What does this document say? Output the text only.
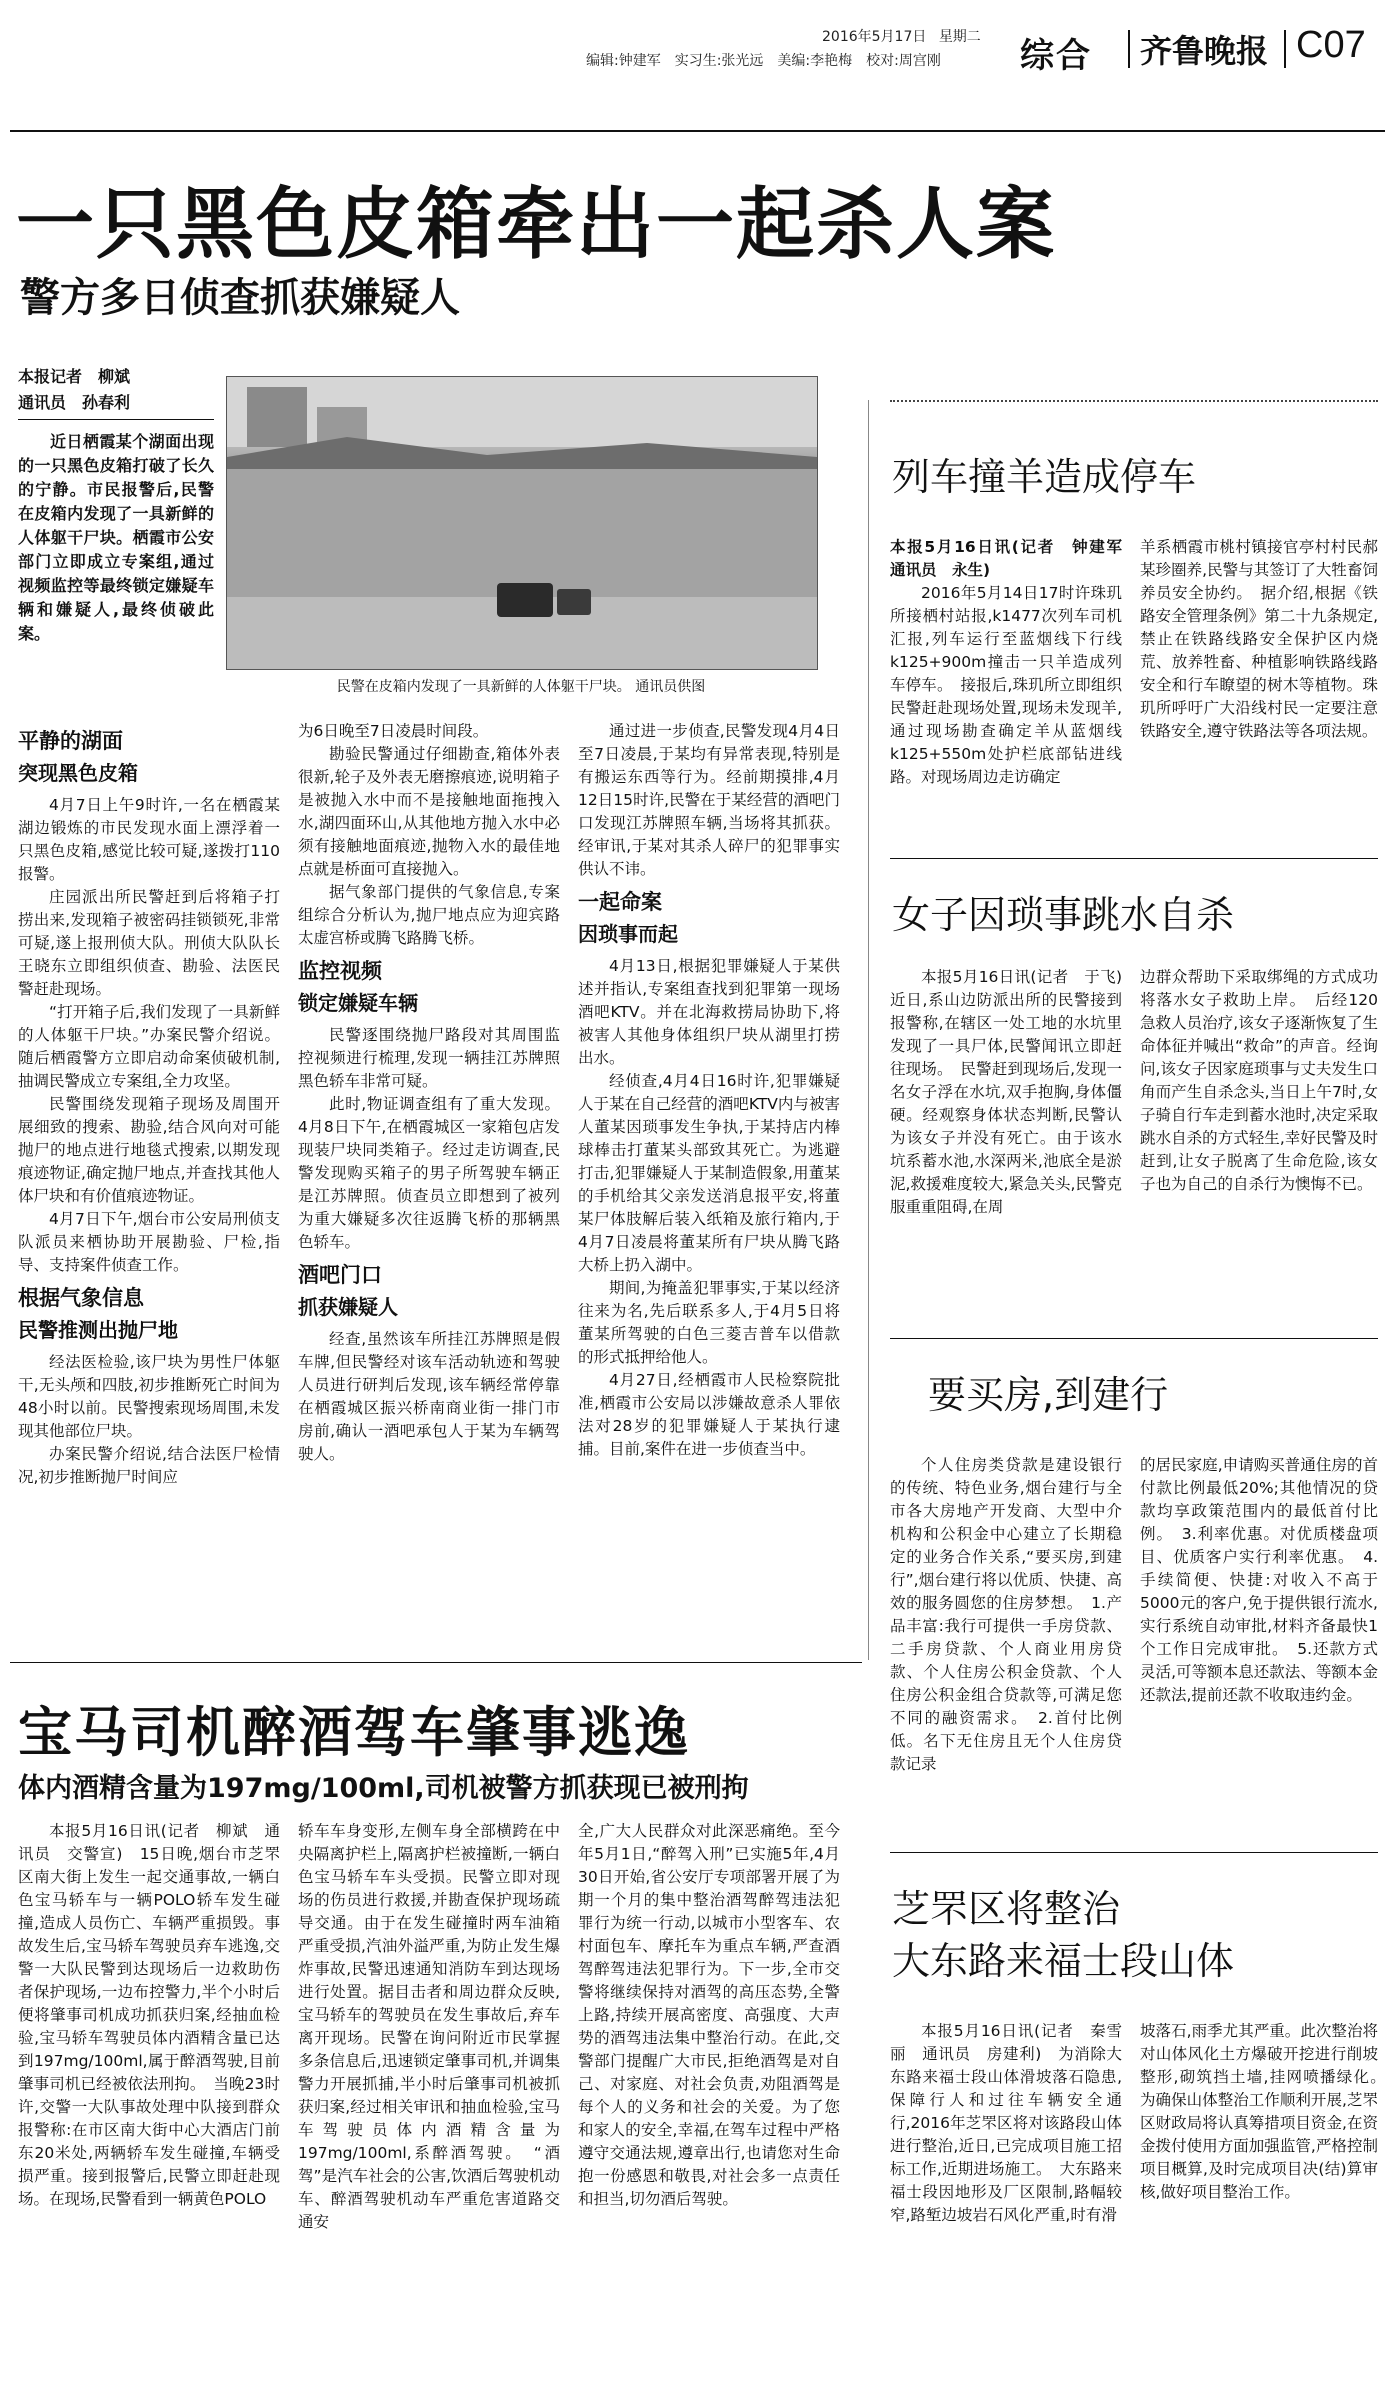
2016年5月17日 星期二
编辑:钟建军　实习生:张光远　美编:李艳梅　校对:周宫刚 综合 齐鲁晚报 C07
一只黑色皮箱牵出一起杀人案
警方多日侦查抓获嫌疑人
本报记者　柳斌
通讯员　孙春利

近日栖霞某个湖面出现的一只黑色皮箱打破了长久的宁静。市民报警后,民警在皮箱内发现了一具新鲜的人体躯干尸块。栖霞市公安部门立即成立专案组,通过视频监控等最终锁定嫌疑车辆和嫌疑人,最终侦破此案。

民警在皮箱内发现了一具新鲜的人体躯干尸块。 通讯员供图
平静的湖面
突现黑色皮箱

4月7日上午9时许,一名在栖霞某湖边锻炼的市民发现水面上漂浮着一只黑色皮箱,感觉比较可疑,遂拨打110报警。

庄园派出所民警赶到后将箱子打捞出来,发现箱子被密码挂锁锁死,非常可疑,遂上报刑侦大队。刑侦大队队长王晓东立即组织侦查、勘验、法医民警赶赴现场。

“打开箱子后,我们发现了一具新鲜的人体躯干尸块。”办案民警介绍说。随后栖霞警方立即启动命案侦破机制,抽调民警成立专案组,全力攻坚。

民警围绕发现箱子现场及周围开展细致的搜索、勘验,结合风向对可能抛尸的地点进行地毯式搜索,以期发现痕迹物证,确定抛尸地点,并查找其他人体尸块和有价值痕迹物证。

4月7日下午,烟台市公安局刑侦支队派员来栖协助开展勘验、尸检,指导、支持案件侦查工作。

根据气象信息
民警推测出抛尸地

经法医检验,该尸块为男性尸体躯干,无头颅和四肢,初步推断死亡时间为48小时以前。民警搜索现场周围,未发现其他部位尸块。

办案民警介绍说,结合法医尸检情况,初步推断抛尸时间应

为6日晚至7日凌晨时间段。

勘验民警通过仔细勘查,箱体外表很新,轮子及外表无磨擦痕迹,说明箱子是被抛入水中而不是接触地面拖拽入水,湖四面环山,从其他地方抛入水中必须有接触地面痕迹,抛物入水的最佳地点就是桥面可直接抛入。

据气象部门提供的气象信息,专案组综合分析认为,抛尸地点应为迎宾路太虚宫桥或腾飞路腾飞桥。

监控视频
锁定嫌疑车辆

民警逐围绕抛尸路段对其周围监控视频进行梳理,发现一辆挂江苏牌照黑色轿车非常可疑。

此时,物证调查组有了重大发现。4月8日下午,在栖霞城区一家箱包店发现装尸块同类箱子。经过走访调查,民警发现购买箱子的男子所驾驶车辆正是江苏牌照。侦查员立即想到了被列为重大嫌疑多次往返腾飞桥的那辆黑色轿车。

酒吧门口
抓获嫌疑人

经查,虽然该车所挂江苏牌照是假车牌,但民警经对该车活动轨迹和驾驶人员进行研判后发现,该车辆经常停靠在栖霞城区振兴桥南商业街一排门市房前,确认一酒吧承包人于某为车辆驾驶人。

通过进一步侦查,民警发现4月4日至7日凌晨,于某均有异常表现,特别是有搬运东西等行为。经前期摸排,4月12日15时许,民警在于某经营的酒吧门口发现江苏牌照车辆,当场将其抓获。经审讯,于某对其杀人碎尸的犯罪事实供认不讳。

一起命案
因琐事而起

4月13日,根据犯罪嫌疑人于某供述并指认,专案组查找到犯罪第一现场酒吧KTV。并在北海救捞局协助下,将被害人其他身体组织尸块从湖里打捞出水。

经侦查,4月4日16时许,犯罪嫌疑人于某在自己经营的酒吧KTV内与被害人董某因琐事发生争执,于某持店内棒球棒击打董某头部致其死亡。为逃避打击,犯罪嫌疑人于某制造假象,用董某的手机给其父亲发送消息报平安,将董某尸体肢解后装入纸箱及旅行箱内,于4月7日凌晨将董某所有尸块从腾飞路大桥上扔入湖中。

期间,为掩盖犯罪事实,于某以经济往来为名,先后联系多人,于4月5日将董某所驾驶的白色三菱吉普车以借款的形式抵押给他人。

4月27日,经栖霞市人民检察院批准,栖霞市公安局以涉嫌故意杀人罪依法对28岁的犯罪嫌疑人于某执行逮捕。目前,案件在进一步侦查当中。

宝马司机醉酒驾车肇事逃逸
体内酒精含量为197mg/100ml,司机被警方抓获现已被刑拘

本报5月16日讯(记者　柳斌　通讯员　交警宣)　15日晚,烟台市芝罘区南大街上发生一起交通事故,一辆白色宝马轿车与一辆POLO轿车发生碰撞,造成人员伤亡、车辆严重损毁。事故发生后,宝马轿车驾驶员弃车逃逸,交警一大队民警到达现场后一边救助伤者保护现场,一边布控警力,半个小时后便将肇事司机成功抓获归案,经抽血检验,宝马轿车驾驶员体内酒精含量已达到197mg/100ml,属于醉酒驾驶,目前肇事司机已经被依法刑拘。　当晚23时许,交警一大队事故处理中队接到群众报警称:在市区南大街中心大酒店门前东20米处,两辆轿车发生碰撞,车辆受损严重。接到报警后,民警立即赶赴现场。在现场,民警看到一辆黄色POLO

轿车车身变形,左侧车身全部横跨在中央隔离护栏上,隔离护栏被撞断,一辆白色宝马轿车车头受损。民警立即对现场的伤员进行救援,并勘查保护现场疏导交通。由于在发生碰撞时两车油箱严重受损,汽油外溢严重,为防止发生爆炸事故,民警迅速通知消防车到达现场进行处置。据目击者和周边群众反映,宝马轿车的驾驶员在发生事故后,弃车离开现场。民警在询问附近市民掌握多条信息后,迅速锁定肇事司机,并调集警力开展抓捕,半小时后肇事司机被抓获归案,经过相关审讯和抽血检验,宝马车驾驶员体内酒精含量为197mg/100ml,系醉酒驾驶。　“酒驾”是汽车社会的公害,饮酒后驾驶机动车、醉酒驾驶机动车严重危害道路交通安

全,广大人民群众对此深恶痛绝。至今年5月1日,“醉驾入刑”已实施5年,4月30日开始,省公安厅专项部署开展了为期一个月的集中整治酒驾醉驾违法犯罪行为统一行动,以城市小型客车、农村面包车、摩托车为重点车辆,严查酒驾醉驾违法犯罪行为。下一步,全市交警将继续保持对酒驾的高压态势,全警上路,持续开展高密度、高强度、大声势的酒驾违法集中整治行动。在此,交警部门提醒广大市民,拒绝酒驾是对自己、对家庭、对社会负责,劝阻酒驾是每个人的义务和社会的关爱。为了您和家人的安全,幸福,在驾车过程中严格遵守交通法规,遵章出行,也请您对生命抱一份感恩和敬畏,对社会多一点责任和担当,切勿酒后驾驶。

列车撞羊造成停车

本报5月16日讯(记者　钟建军　通讯员　永生)

2016年5月14日17时许珠玑所接栖村站报,k1477次列车司机汇报,列车运行至蓝烟线下行线k125+900m撞击一只羊造成列车停车。　接报后,珠玑所立即组织民警赶赴现场处置,现场未发现羊,通过现场勘查确定羊从蓝烟线k125+550m处护栏底部钻进线路。对现场周边走访确定

羊系栖霞市桃村镇接官亭村村民郝某珍圈养,民警与其签订了大牲畜饲养员安全协约。　据介绍,根据《铁路安全管理条例》第二十九条规定,禁止在铁路线路安全保护区内烧荒、放养牲畜、种植影响铁路线路安全和行车瞭望的树木等植物。珠玑所呼吁广大沿线村民一定要注意铁路安全,遵守铁路法等各项法规。

女子因琐事跳水自杀

本报5月16日讯(记者　于飞)　近日,系山边防派出所的民警接到报警称,在辖区一处工地的水坑里发现了一具尸体,民警闻讯立即赶往现场。　民警赶到现场后,发现一名女子浮在水坑,双手抱胸,身体僵硬。经观察身体状态判断,民警认为该女子并没有死亡。由于该水坑系蓄水池,水深两米,池底全是淤泥,救援难度较大,紧急关头,民警克服重重阻碍,在周

边群众帮助下采取绑绳的方式成功将落水女子救助上岸。　后经120急救人员治疗,该女子逐渐恢复了生命体征并喊出“救命”的声音。经询问,该女子因家庭琐事与丈夫发生口角而产生自杀念头,当日上午7时,女子骑自行车走到蓄水池时,决定采取跳水自杀的方式轻生,幸好民警及时赶到,让女子脱离了生命危险,该女子也为自己的自杀行为懊悔不已。

要买房,到建行

个人住房类贷款是建设银行的传统、特色业务,烟台建行与全市各大房地产开发商、大型中介机构和公积金中心建立了长期稳定的业务合作关系,“要买房,到建行”,烟台建行将以优质、快捷、高效的服务圆您的住房梦想。　1.产品丰富:我行可提供一手房贷款、二手房贷款、个人商业用房贷款、个人住房公积金贷款、个人住房公积金组合贷款等,可满足您不同的融资需求。　2.首付比例低。名下无住房且无个人住房贷款记录

的居民家庭,申请购买普通住房的首付款比例最低20%;其他情况的贷款均享政策范围内的最低首付比例。　3.利率优惠。对优质楼盘项目、优质客户实行利率优惠。　4.手续简便、快捷:对收入不高于5000元的客户,免于提供银行流水,实行系统自动审批,材料齐备最快1个工作日完成审批。　5.还款方式灵活,可等额本息还款法、等额本金还款法,提前还款不收取违约金。

芝罘区将整治
大东路来福士段山体

本报5月16日讯(记者　秦雪丽　通讯员　房建利)　为消除大东路来福士段山体滑坡落石隐患,保障行人和过往车辆安全通行,2016年芝罘区将对该路段山体进行整治,近日,已完成项目施工招标工作,近期进场施工。　大东路来福士段因地形及厂区限制,路幅较窄,路堑边坡岩石风化严重,时有滑

坡落石,雨季尤其严重。此次整治将对山体风化土方爆破开挖进行削坡整形,砌筑挡土墙,挂网喷播绿化。　为确保山体整治工作顺利开展,芝罘区财政局将认真筹措项目资金,在资金拨付使用方面加强监管,严格控制项目概算,及时完成项目决(结)算审核,做好项目整治工作。
